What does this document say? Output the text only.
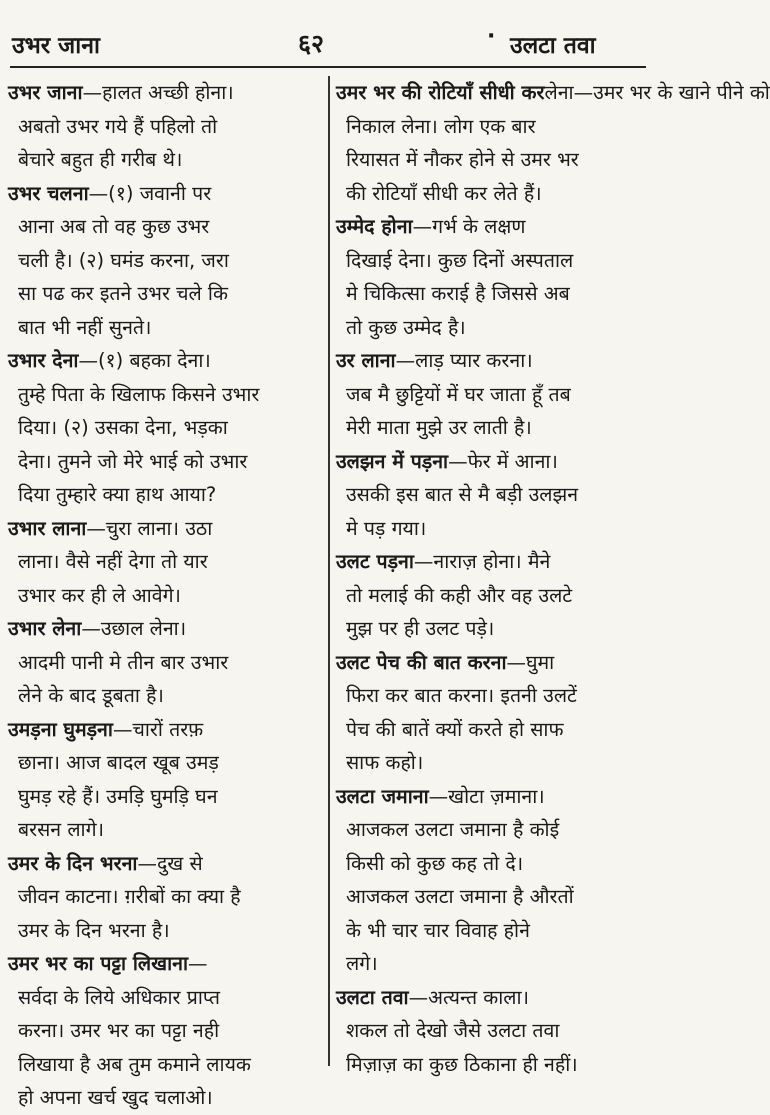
उभर जाना	६२	· उलटा तवा
उभर जाना—हालत अच्छी होना।
अबतो उभर गये हैं पहिलो तो
बेचारे बहुत ही गरीब थे।
उभर चलना—(१) जवानी पर
आना अब तो वह कुछ उभर
चली है। (२) घमंड करना, जरा
सा पढ कर इतने उभर चले कि
बात भी नहीं सुनते।
उभार देना—(१) बहका देना।
तुम्हे पिता के खिलाफ किसने उभार
दिया। (२) उसका देना, भड़का
देना। तुमने जो मेरे भाई को उभार
दिया तुम्हारे क्या हाथ आया?
उभार लाना—चुरा लाना। उठा
लाना। वैसे नहीं देगा तो यार
उभार कर ही ले आवेगे।
उभार लेना—उछाल लेना।
आदमी पानी मे तीन बार उभार
लेने के बाद डूबता है।
उमड़ना घुमड़ना—चारों तरफ़
छाना। आज बादल खूब उमड़
घुमड़ रहे हैं। उमड़ि घुमड़ि घन
बरसन लागे।
उमर के दिन भरना—दुख से
जीवन काटना। ग़रीबों का क्या है
उमर के दिन भरना है।
उमर भर का पट्टा लिखाना—
सर्वदा के लिये अधिकार प्राप्त
करना। उमर भर का पट्टा नही
लिखाया है अब तुम कमाने लायक
हो अपना खर्च खुद चलाओ।
उमर भर की रोटियाँ सीधी करलेना—उमर भर के खाने पीने को
निकाल लेना। लोग एक बार
रियासत में नौकर होने से उमर भर
की रोटियाँ सीधी कर लेते हैं।
उम्मेद होना—गर्भ के लक्षण
दिखाई देना। कुछ दिनों अस्पताल
मे चिकित्सा कराई है जिससे अब
तो कुछ उम्मेद है।
उर लाना—लाड़ प्यार करना।
जब मै छुट्टियों में घर जाता हूँ तब
मेरी माता मुझे उर लाती है।
उलझन में पड़ना—फेर में आना।
उसकी इस बात से मै बड़ी उलझन
मे पड़ गया।
उलट पड़ना—नाराज़ होना। मैने
तो मलाई की कही और वह उलटे
मुझ पर ही उलट पड़े।
उलट पेच की बात करना—घुमा
फिरा कर बात करना। इतनी उलटें
पेच की बातें क्यों करते हो साफ
साफ कहो।
उलटा जमाना—खोटा ज़माना।
आजकल उलटा जमाना है कोई
किसी को कुछ कह तो दे।
आजकल उलटा जमाना है औरतों
के भी चार चार विवाह होने
लगे।
उलटा तवा—अत्यन्त काला।
शकल तो देखो जैसे उलटा तवा
मिज़ाज़ का कुछ ठिकाना ही नहीं।
